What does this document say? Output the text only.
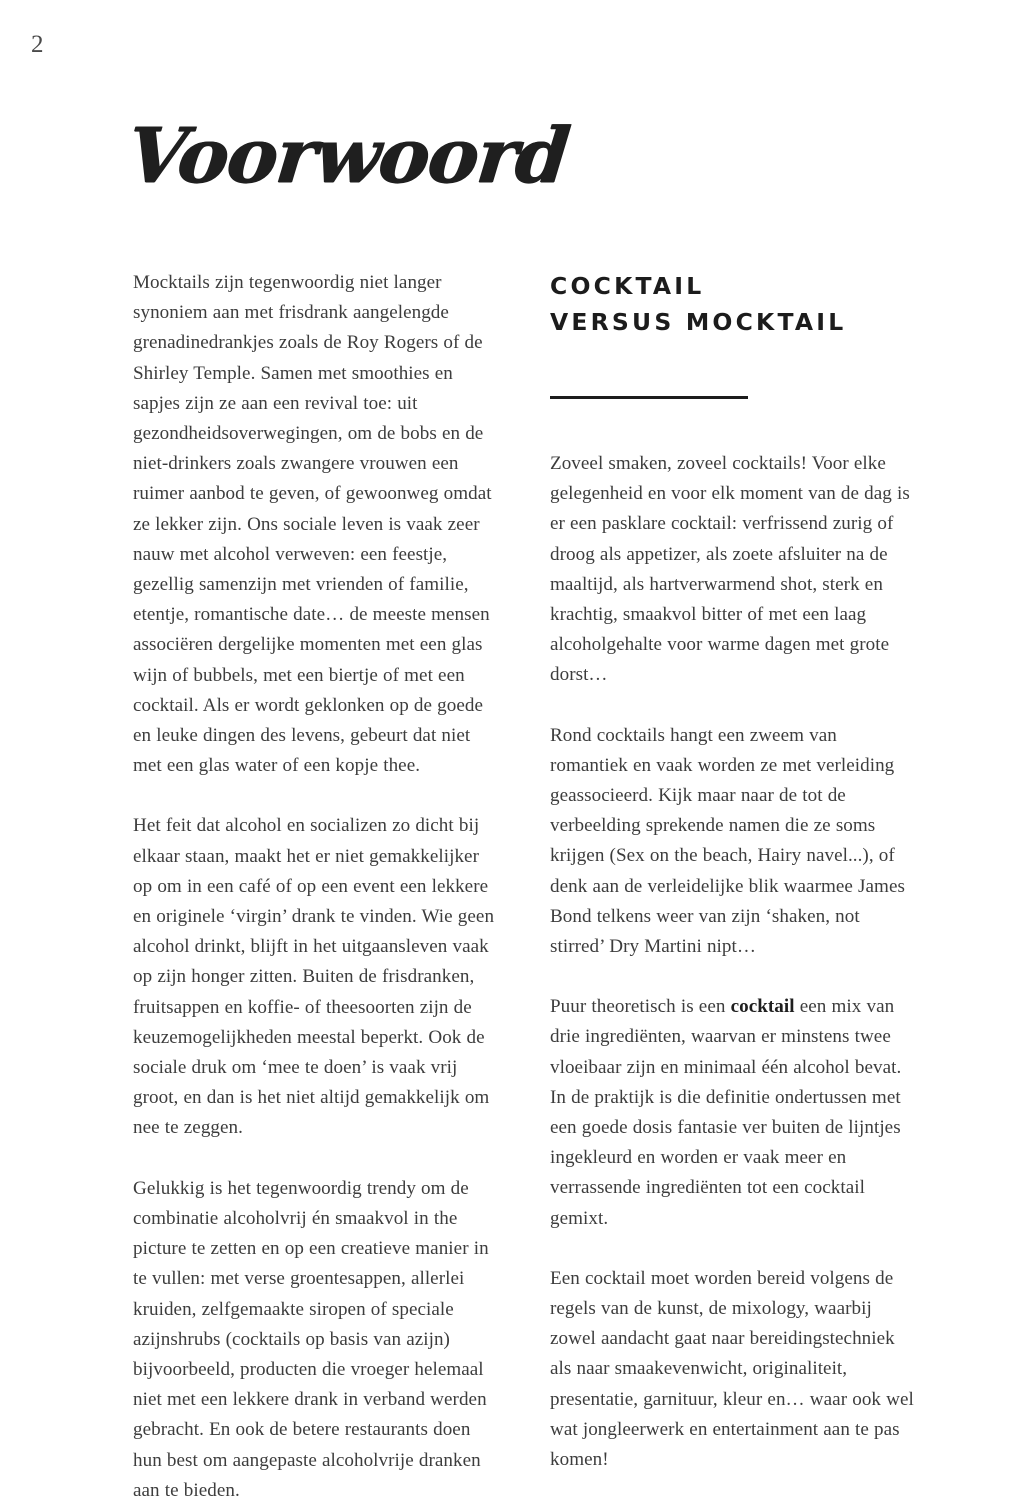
2
Voorwoord

Mocktails zijn tegenwoordig niet langer synoniem aan met frisdrank aangelengde grenadinedrankjes zoals de Roy Rogers of de Shirley Temple. Samen met smoothies en sapjes zijn ze aan een revival toe: uit gezondheidsoverwegingen, om de bobs en de niet-drinkers zoals zwangere vrouwen een ruimer aanbod te geven, of gewoonweg omdat ze lekker zijn. Ons sociale leven is vaak zeer nauw met alcohol verweven: een feestje, gezellig samenzijn met vrienden of familie, etentje, romantische date… de meeste mensen associëren dergelijke momenten met een glas wijn of bubbels, met een biertje of met een cocktail. Als er wordt geklonken op de goede en leuke dingen des levens, gebeurt dat niet met een glas water of een kopje thee.

Het feit dat alcohol en socializen zo dicht bij elkaar staan, maakt het er niet gemakkelijker op om in een café of op een event een lekkere en originele ‘virgin’ drank te vinden. Wie geen alcohol drinkt, blijft in het uitgaansleven vaak op zijn honger zitten. Buiten de frisdranken, fruitsappen en koffie- of theesoorten zijn de keuzemogelijkheden meestal beperkt. Ook de sociale druk om ‘mee te doen’ is vaak vrij groot, en dan is het niet altijd gemakkelijk om nee te zeggen.

Gelukkig is het tegenwoordig trendy om de combinatie alcoholvrij én smaakvol in the picture te zetten en op een creatieve manier in te vullen: met verse groentesappen, allerlei kruiden, zelfgemaakte siropen of speciale azijnshrubs (cocktails op basis van azijn) bijvoorbeeld, producten die vroeger helemaal niet met een lekkere drank in verband werden gebracht. En ook de betere restaurants doen hun best om aangepaste alcoholvrije dranken aan te bieden.

COCKTAIL
VERSUS MOCKTAIL

Zoveel smaken, zoveel cocktails! Voor elke gelegenheid en voor elk moment van de dag is er een pasklare cocktail: verfrissend zurig of droog als appetizer, als zoete afsluiter na de maaltijd, als hartverwarmend shot, sterk en krachtig, smaakvol bitter of met een laag alcoholgehalte voor warme dagen met grote dorst…

Rond cocktails hangt een zweem van romantiek en vaak worden ze met verleiding geassocieerd. Kijk maar naar de tot de verbeelding sprekende namen die ze soms krijgen (Sex on the beach, Hairy navel...), of denk aan de verleidelijke blik waarmee James Bond telkens weer van zijn ‘shaken, not stirred’ Dry Martini nipt…

Puur theoretisch is een cocktail een mix van drie ingrediënten, waarvan er minstens twee vloeibaar zijn en minimaal één alcohol bevat. In de praktijk is die definitie ondertussen met een goede dosis fantasie ver buiten de lijntjes ingekleurd en worden er vaak meer en verrassende ingrediënten tot een cocktail gemixt.

Een cocktail moet worden bereid volgens de regels van de kunst, de mixology, waarbij zowel aandacht gaat naar bereidingstechniek als naar smaakevenwicht, originaliteit, presentatie, garnituur, kleur en… waar ook wel wat jongleerwerk en entertainment aan te pas komen!
